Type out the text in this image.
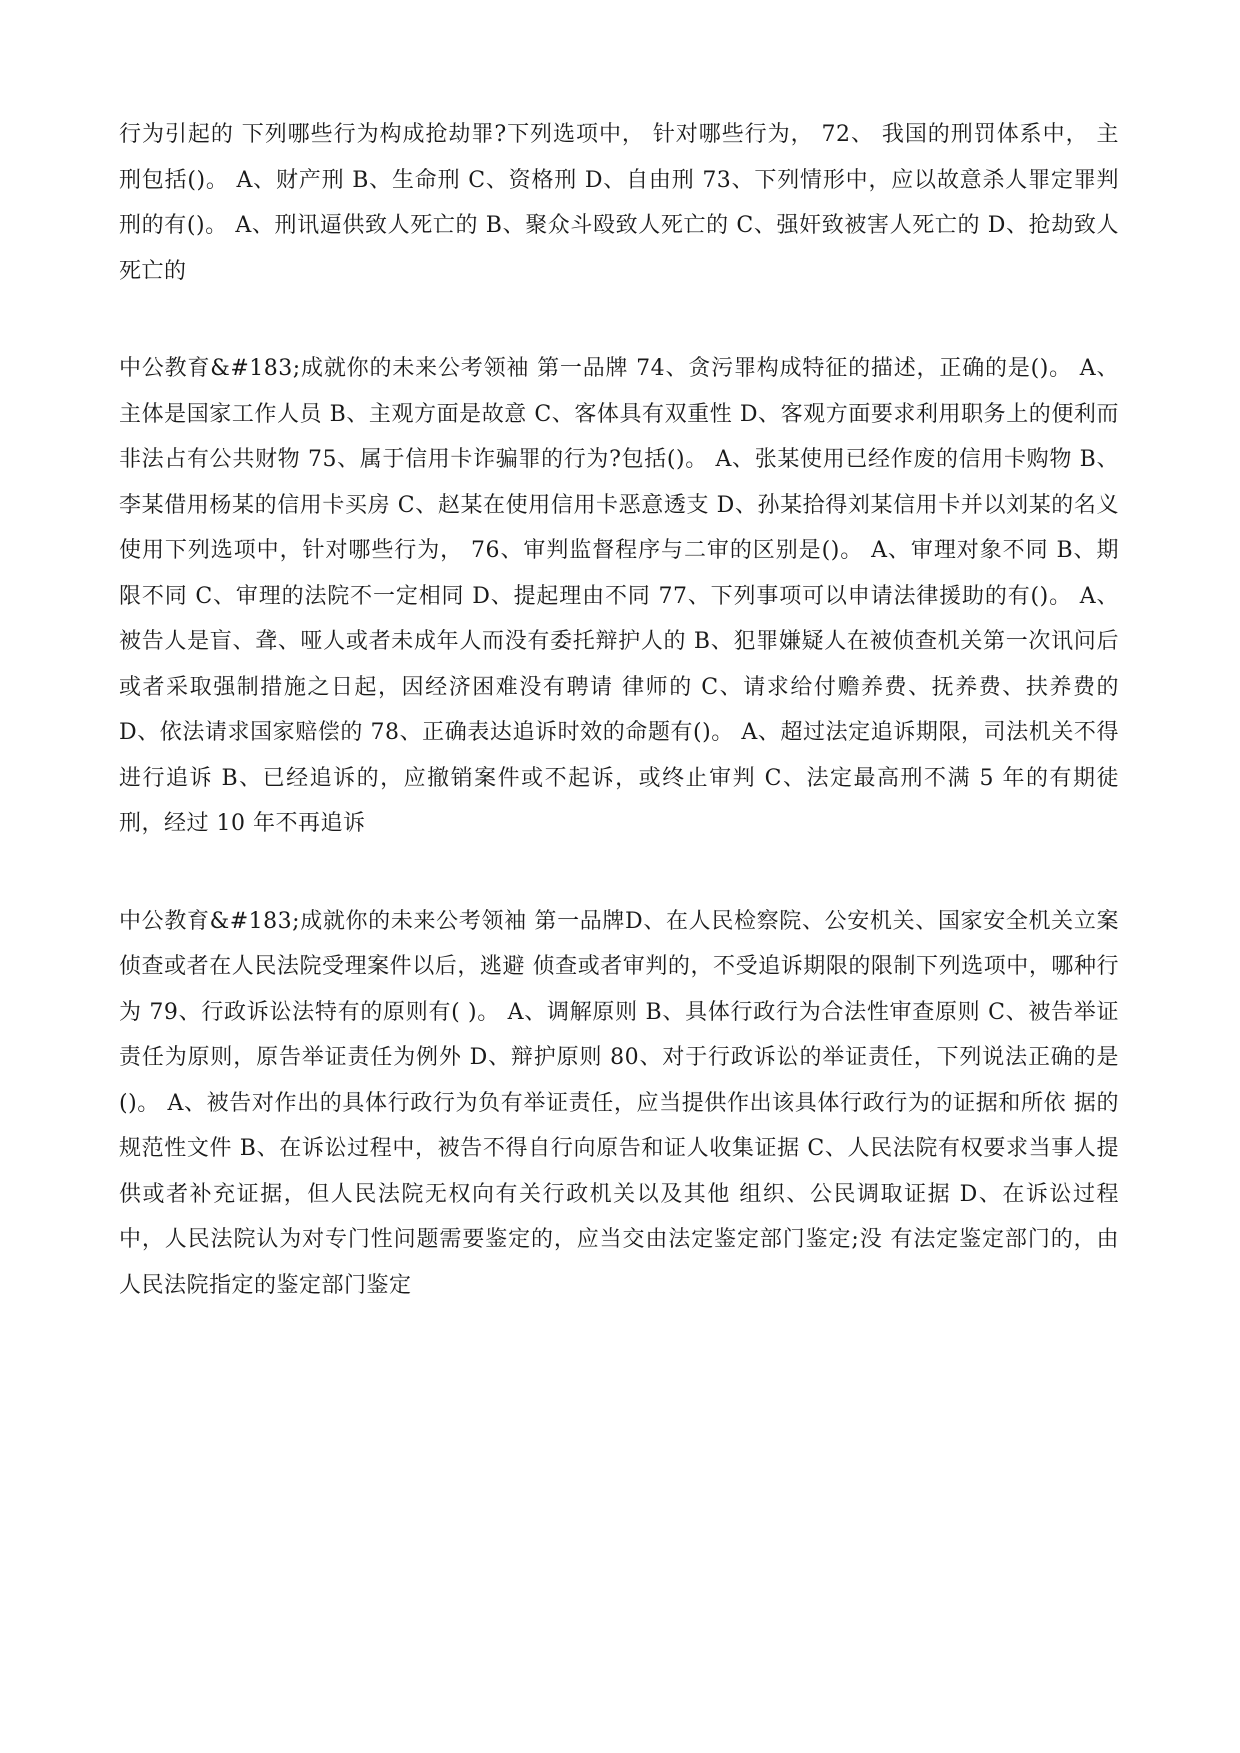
行为引起的 下列哪些行为构成抢劫罪?下列选项中， 针对哪些行为， 72、 我国的刑罚体系中， 主刑包括()。 A、财产刑 B、生命刑 C、资格刑 D、自由刑 73、下列情形中，应以故意杀人罪定罪判刑的有()。 A、刑讯逼供致人死亡的 B、聚众斗殴致人死亡的 C、强奸致被害人死亡的 D、抢劫致人死亡的

中公教育&#183;成就你的未来公考领袖 第一品牌 74、贪污罪构成特征的描述，正确的是()。 A、主体是国家工作人员 B、主观方面是故意 C、客体具有双重性 D、客观方面要求利用职务上的便利而非法占有公共财物 75、属于信用卡诈骗罪的行为?包括()。 A、张某使用已经作废的信用卡购物 B、李某借用杨某的信用卡买房 C、赵某在使用信用卡恶意透支 D、孙某拾得刘某信用卡并以刘某的名义使用下列选项中，针对哪些行为， 76、审判监督程序与二审的区别是()。 A、审理对象不同 B、期限不同 C、审理的法院不一定相同 D、提起理由不同 77、下列事项可以申请法律援助的有()。 A、被告人是盲、聋、哑人或者未成年人而没有委托辩护人的 B、犯罪嫌疑人在被侦查机关第一次讯问后或者采取强制措施之日起，因经济困难没有聘请 律师的 C、请求给付赡养费、抚养费、扶养费的 D、依法请求国家赔偿的 78、正确表达追诉时效的命题有()。 A、超过法定追诉期限，司法机关不得进行追诉 B、已经追诉的，应撤销案件或不起诉，或终止审判 C、法定最高刑不满 5 年的有期徒刑，经过 10 年不再追诉

中公教育&#183;成就你的未来公考领袖 第一品牌D、在人民检察院、公安机关、国家安全机关立案侦查或者在人民法院受理案件以后，逃避 侦查或者审判的，不受追诉期限的限制下列选项中，哪种行为 79、行政诉讼法特有的原则有( )。 A、调解原则 B、具体行政行为合法性审查原则 C、被告举证责任为原则，原告举证责任为例外 D、辩护原则 80、对于行政诉讼的举证责任，下列说法正确的是()。 A、被告对作出的具体行政行为负有举证责任，应当提供作出该具体行政行为的证据和所依 据的规范性文件 B、在诉讼过程中，被告不得自行向原告和证人收集证据 C、人民法院有权要求当事人提供或者补充证据，但人民法院无权向有关行政机关以及其他 组织、公民调取证据 D、在诉讼过程中，人民法院认为对专门性问题需要鉴定的，应当交由法定鉴定部门鉴定;没 有法定鉴定部门的，由人民法院指定的鉴定部门鉴定
